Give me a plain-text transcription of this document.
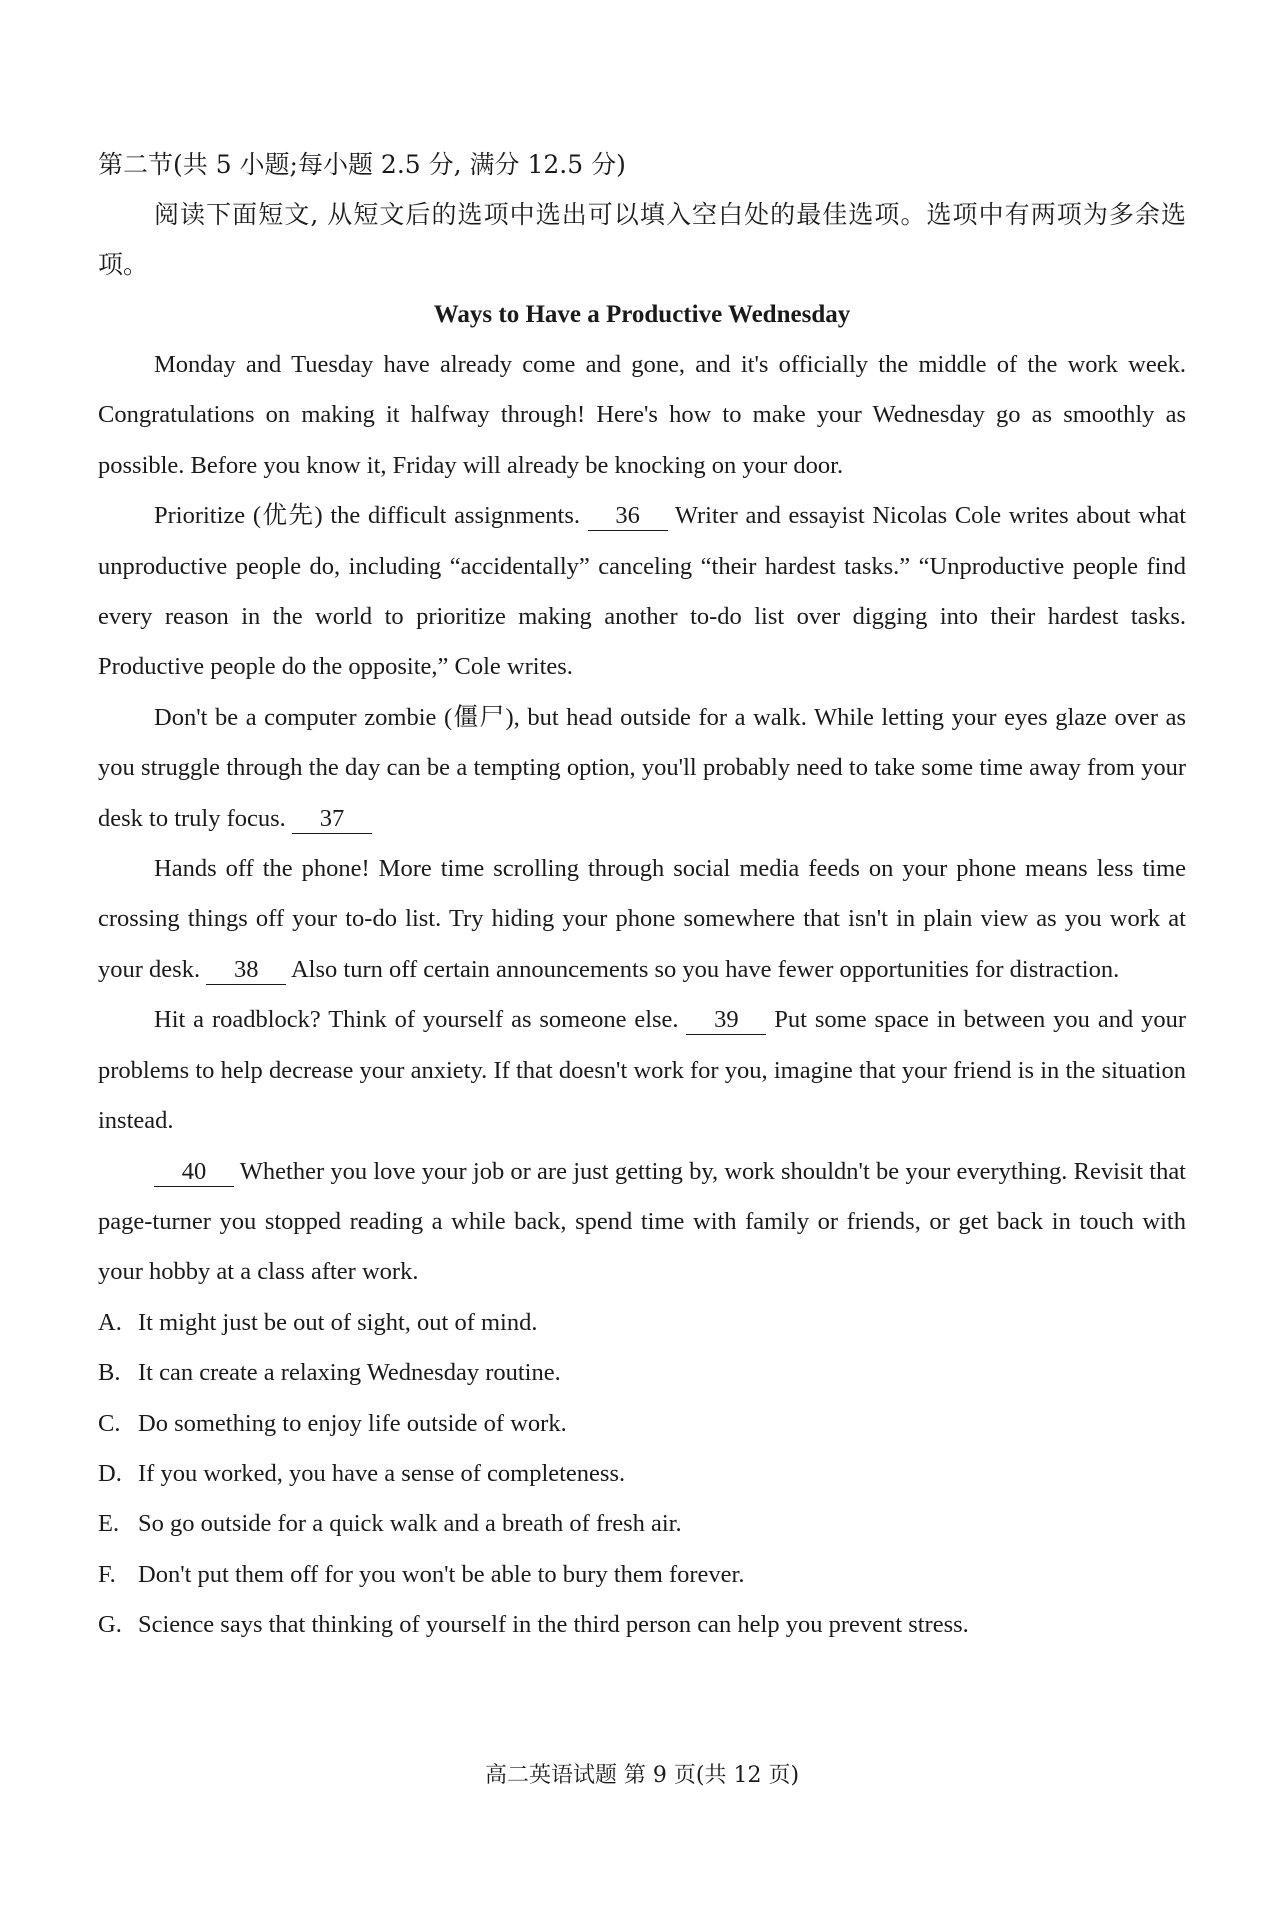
第二节(共 5 小题;每小题 2.5 分, 满分 12.5 分)

阅读下面短文, 从短文后的选项中选出可以填入空白处的最佳选项。选项中有两项为多余选项。

Ways to Have a Productive Wednesday

Monday and Tuesday have already come and gone, and it's officially the middle of the work week. Congratulations on making it halfway through! Here's how to make your Wednesday go as smoothly as possible. Before you know it, Friday will already be knocking on your door.

Prioritize (优先) the difficult assignments. 36 Writer and essayist Nicolas Cole writes about what unproductive people do, including “accidentally” canceling “their hardest tasks.” “Unproductive people find every reason in the world to prioritize making another to-do list over digging into their hardest tasks. Productive people do the opposite,” Cole writes.

Don't be a computer zombie (僵尸), but head outside for a walk. While letting your eyes glaze over as you struggle through the day can be a tempting option, you'll probably need to take some time away from your desk to truly focus. 37

Hands off the phone! More time scrolling through social media feeds on your phone means less time crossing things off your to-do list. Try hiding your phone somewhere that isn't in plain view as you work at your desk. 38 Also turn off certain announcements so you have fewer opportunities for distraction.

Hit a roadblock? Think of yourself as someone else. 39 Put some space in between you and your problems to help decrease your anxiety. If that doesn't work for you, imagine that your friend is in the situation instead.

40 Whether you love your job or are just getting by, work shouldn't be your everything. Revisit that page-turner you stopped reading a while back, spend time with family or friends, or get back in touch with your hobby at a class after work.

A. It might just be out of sight, out of mind.
B. It can create a relaxing Wednesday routine.
C. Do something to enjoy life outside of work.
D. If you worked, you have a sense of completeness.
E. So go outside for a quick walk and a breath of fresh air.
F. Don't put them off for you won't be able to bury them forever.
G. Science says that thinking of yourself in the third person can help you prevent stress.
高二英语试题 第 9 页(共 12 页)
